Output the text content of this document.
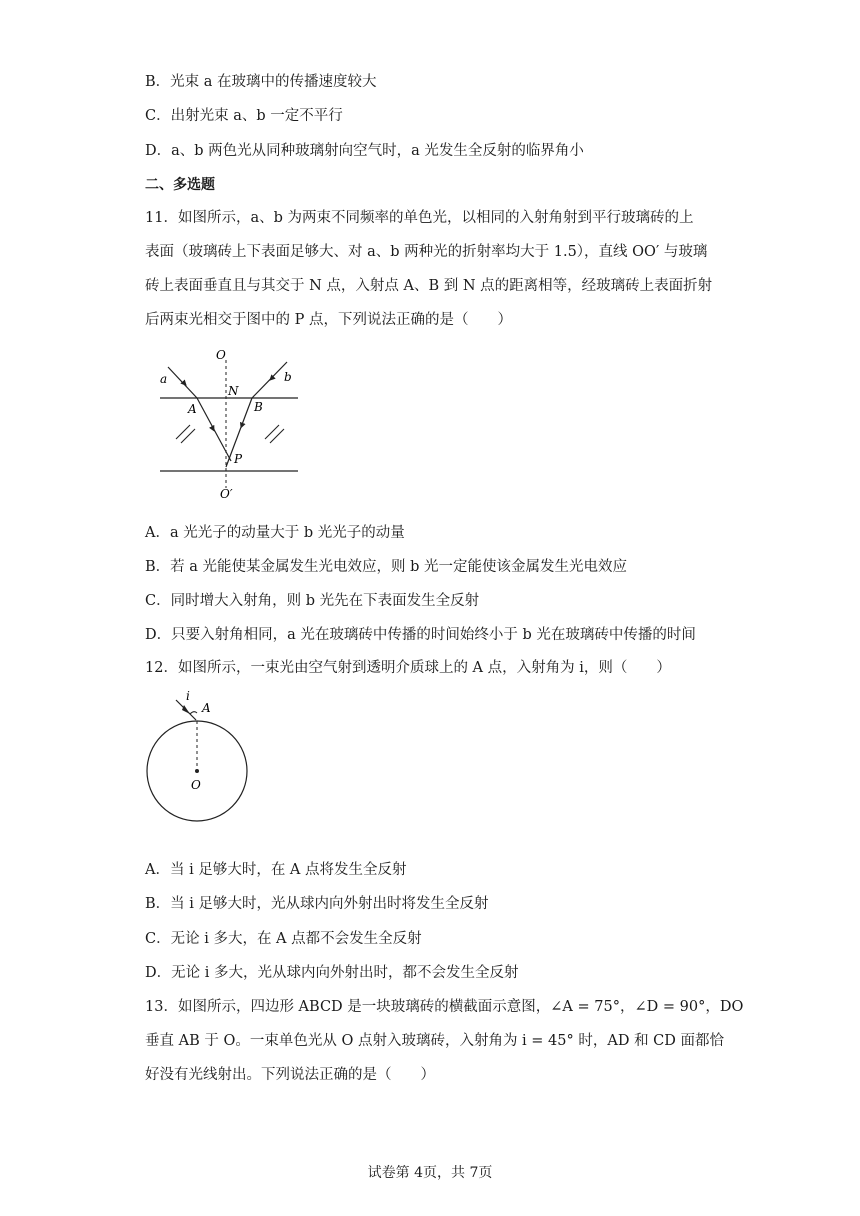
B．光束 a 在玻璃中的传播速度较大
C．出射光束 a、b 一定不平行
D．a、b 两色光从同种玻璃射向空气时，a 光发生全反射的临界角小
二、多选题
11．如图所示，a、b 为两束不同频率的单色光，以相同的入射角射到平行玻璃砖的上
表面（玻璃砖上下表面足够大、对 a、b 两种光的折射率均大于 1.5），直线 OO′ 与玻璃
砖上表面垂直且与其交于 N 点，入射点 A、B 到 N 点的距离相等，经玻璃砖上表面折射
后两束光相交于图中的 P 点，下列说法正确的是（　　）
O
O′
N
A	B
P
a	b
A．a 光光子的动量大于 b 光光子的动量
B．若 a 光能使某金属发生光电效应，则 b 光一定能使该金属发生光电效应
C．同时增大入射角，则 b 光先在下表面发生全反射
D．只要入射角相同，a 光在玻璃砖中传播的时间始终小于 b 光在玻璃砖中传播的时间
12．如图所示，一束光由空气射到透明介质球上的 A 点，入射角为 i，则（　　）
i
A
O
A．当 i 足够大时，在 A 点将发生全反射
B．当 i 足够大时，光从球内向外射出时将发生全反射
C．无论 i 多大，在 A 点都不会发生全反射
D．无论 i 多大，光从球内向外射出时，都不会发生全反射
13．如图所示，四边形 ABCD 是一块玻璃砖的横截面示意图，∠A = 75°，∠D = 90°，DO
垂直 AB 于 O。一束单色光从 O 点射入玻璃砖，入射角为 i = 45° 时，AD 和 CD 面都恰
好没有光线射出。下列说法正确的是（　　）
试卷第 4页，共 7页
